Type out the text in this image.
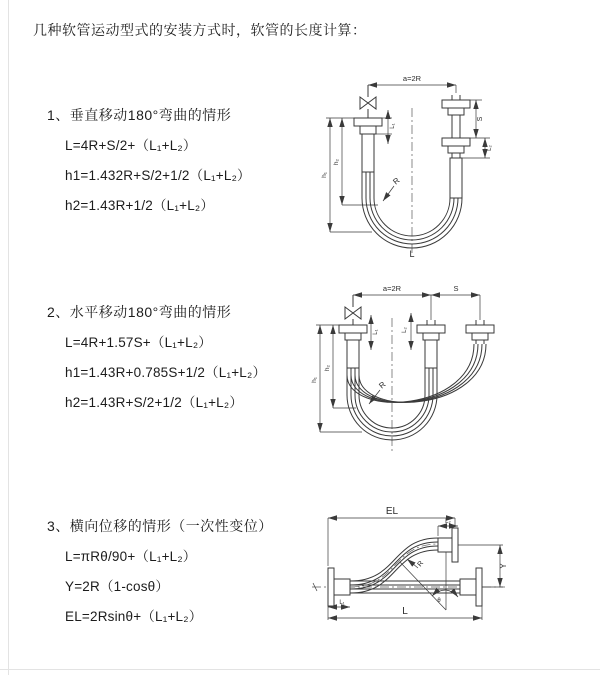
几种软管运动型式的安装方式时，软管的长度计算：
1、垂直移动180°弯曲的情形
L=4R+S/2+（L₁+L₂）
h1=1.432R+S/2+1/2（L₁+L₂）
h2=1.43R+1/2（L₁+L₂）
2、水平移动180°弯曲的情形
L=4R+1.57S+（L₁+L₂）
h1=1.43R+0.785S+1/2（L₁+L₂）
h2=1.43R+S/2+1/2（L₁+L₂）
3、横向位移的情形（一次性变位）
L=πRθ/90+（L₁+L₂）
Y=2R（1-cosθ）
EL=2Rsinθ+（L₁+L₂）
a=2R
L₁
S
L₂
h₁
h₂
R
L
a=2R	S
L₁	L₂
h₁
h₂
R
EL
L₂
Y
θ
R
L₁
L
